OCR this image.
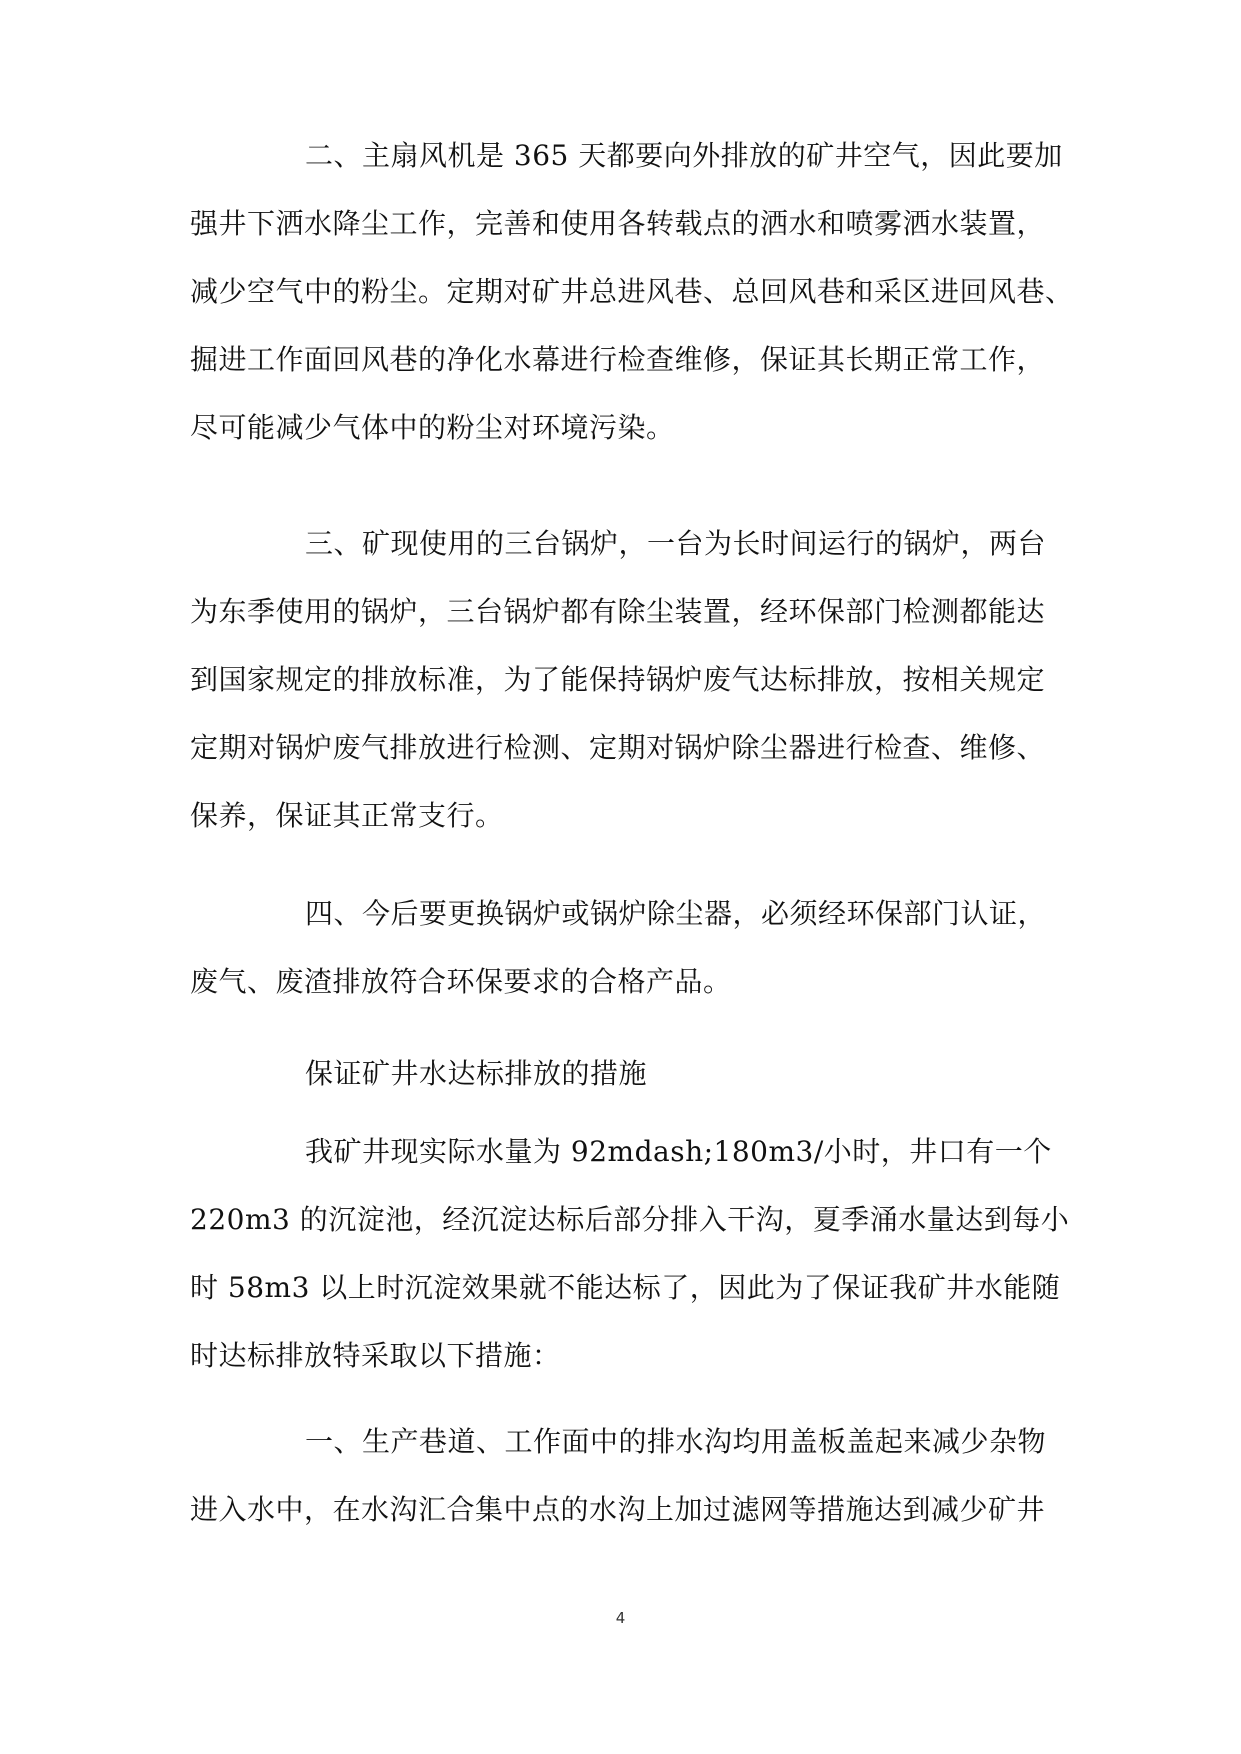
二、主扇风机是 365 天都要向外排放的矿井空气，因此要加
强井下洒水降尘工作，完善和使用各转载点的洒水和喷雾洒水装置，
减少空气中的粉尘。定期对矿井总进风巷、总回风巷和采区进回风巷、
掘进工作面回风巷的净化水幕进行检查维修，保证其长期正常工作，
尽可能减少气体中的粉尘对环境污染。
三、矿现使用的三台锅炉，一台为长时间运行的锅炉，两台
为东季使用的锅炉，三台锅炉都有除尘装置，经环保部门检测都能达
到国家规定的排放标准，为了能保持锅炉废气达标排放，按相关规定
定期对锅炉废气排放进行检测、定期对锅炉除尘器进行检查、维修、
保养，保证其正常支行。
四、今后要更换锅炉或锅炉除尘器，必须经环保部门认证，
废气、废渣排放符合环保要求的合格产品。
保证矿井水达标排放的措施
我矿井现实际水量为 92mdash;180m3/小时，井口有一个
220m3 的沉淀池，经沉淀达标后部分排入干沟，夏季涌水量达到每小
时 58m3 以上时沉淀效果就不能达标了，因此为了保证我矿井水能随
时达标排放特采取以下措施：
一、生产巷道、工作面中的排水沟均用盖板盖起来减少杂物
进入水中，在水沟汇合集中点的水沟上加过滤网等措施达到减少矿井
4
